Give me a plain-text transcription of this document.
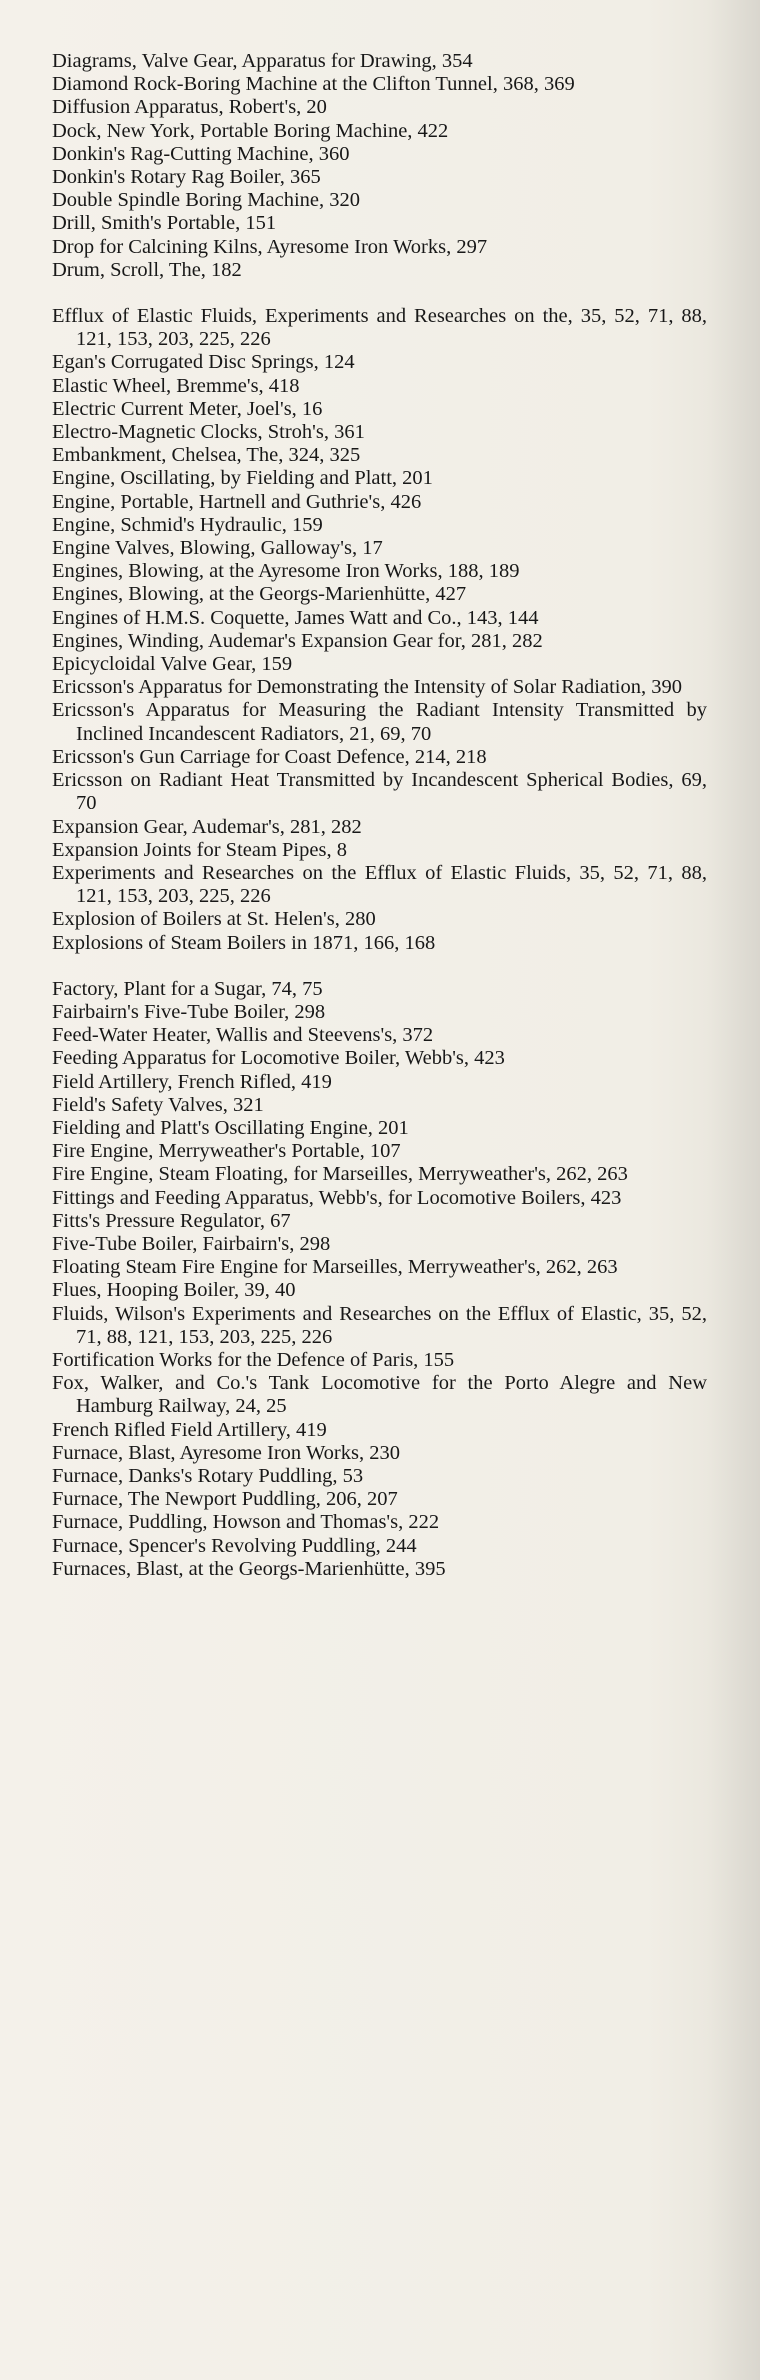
Diagrams, Valve Gear, Apparatus for Drawing, 354
Diamond Rock-Boring Machine at the Clifton Tunnel, 368, 369
Diffusion Apparatus, Robert's, 20
Dock, New York, Portable Boring Machine, 422
Donkin's Rag-Cutting Machine, 360
Donkin's Rotary Rag Boiler, 365
Double Spindle Boring Machine, 320
Drill, Smith's Portable, 151
Drop for Calcining Kilns, Ayresome Iron Works, 297
Drum, Scroll, The, 182
Efflux of Elastic Fluids, Experiments and Researches on the, 35, 52, 71, 88, 121, 153, 203, 225, 226
Egan's Corrugated Disc Springs, 124
Elastic Wheel, Bremme's, 418
Electric Current Meter, Joel's, 16
Electro-Magnetic Clocks, Stroh's, 361
Embankment, Chelsea, The, 324, 325
Engine, Oscillating, by Fielding and Platt, 201
Engine, Portable, Hartnell and Guthrie's, 426
Engine, Schmid's Hydraulic, 159
Engine Valves, Blowing, Galloway's, 17
Engines, Blowing, at the Ayresome Iron Works, 188, 189
Engines, Blowing, at the Georgs-Marienhütte, 427
Engines of H.M.S. Coquette, James Watt and Co., 143, 144
Engines, Winding, Audemar's Expansion Gear for, 281, 282
Epicycloidal Valve Gear, 159
Ericsson's Apparatus for Demonstrating the Intensity of Solar Radiation, 390
Ericsson's Apparatus for Measuring the Radiant Intensity Transmitted by Inclined Incandescent Radiators, 21, 69, 70
Ericsson's Gun Carriage for Coast Defence, 214, 218
Ericsson on Radiant Heat Transmitted by Incandescent Spherical Bodies, 69, 70
Expansion Gear, Audemar's, 281, 282
Expansion Joints for Steam Pipes, 8
Experiments and Researches on the Efflux of Elastic Fluids, 35, 52, 71, 88, 121, 153, 203, 225, 226
Explosion of Boilers at St. Helen's, 280
Explosions of Steam Boilers in 1871, 166, 168
Factory, Plant for a Sugar, 74, 75
Fairbairn's Five-Tube Boiler, 298
Feed-Water Heater, Wallis and Steevens's, 372
Feeding Apparatus for Locomotive Boiler, Webb's, 423
Field Artillery, French Rifled, 419
Field's Safety Valves, 321
Fielding and Platt's Oscillating Engine, 201
Fire Engine, Merryweather's Portable, 107
Fire Engine, Steam Floating, for Marseilles, Merryweather's, 262, 263
Fittings and Feeding Apparatus, Webb's, for Locomotive Boilers, 423
Fitts's Pressure Regulator, 67
Five-Tube Boiler, Fairbairn's, 298
Floating Steam Fire Engine for Marseilles, Merryweather's, 262, 263
Flues, Hooping Boiler, 39, 40
Fluids, Wilson's Experiments and Researches on the Efflux of Elastic, 35, 52, 71, 88, 121, 153, 203, 225, 226
Fortification Works for the Defence of Paris, 155
Fox, Walker, and Co.'s Tank Locomotive for the Porto Alegre and New Hamburg Railway, 24, 25
French Rifled Field Artillery, 419
Furnace, Blast, Ayresome Iron Works, 230
Furnace, Danks's Rotary Puddling, 53
Furnace, The Newport Puddling, 206, 207
Furnace, Puddling, Howson and Thomas's, 222
Furnace, Spencer's Revolving Puddling, 244
Furnaces, Blast, at the Georgs-Marienhütte, 395
